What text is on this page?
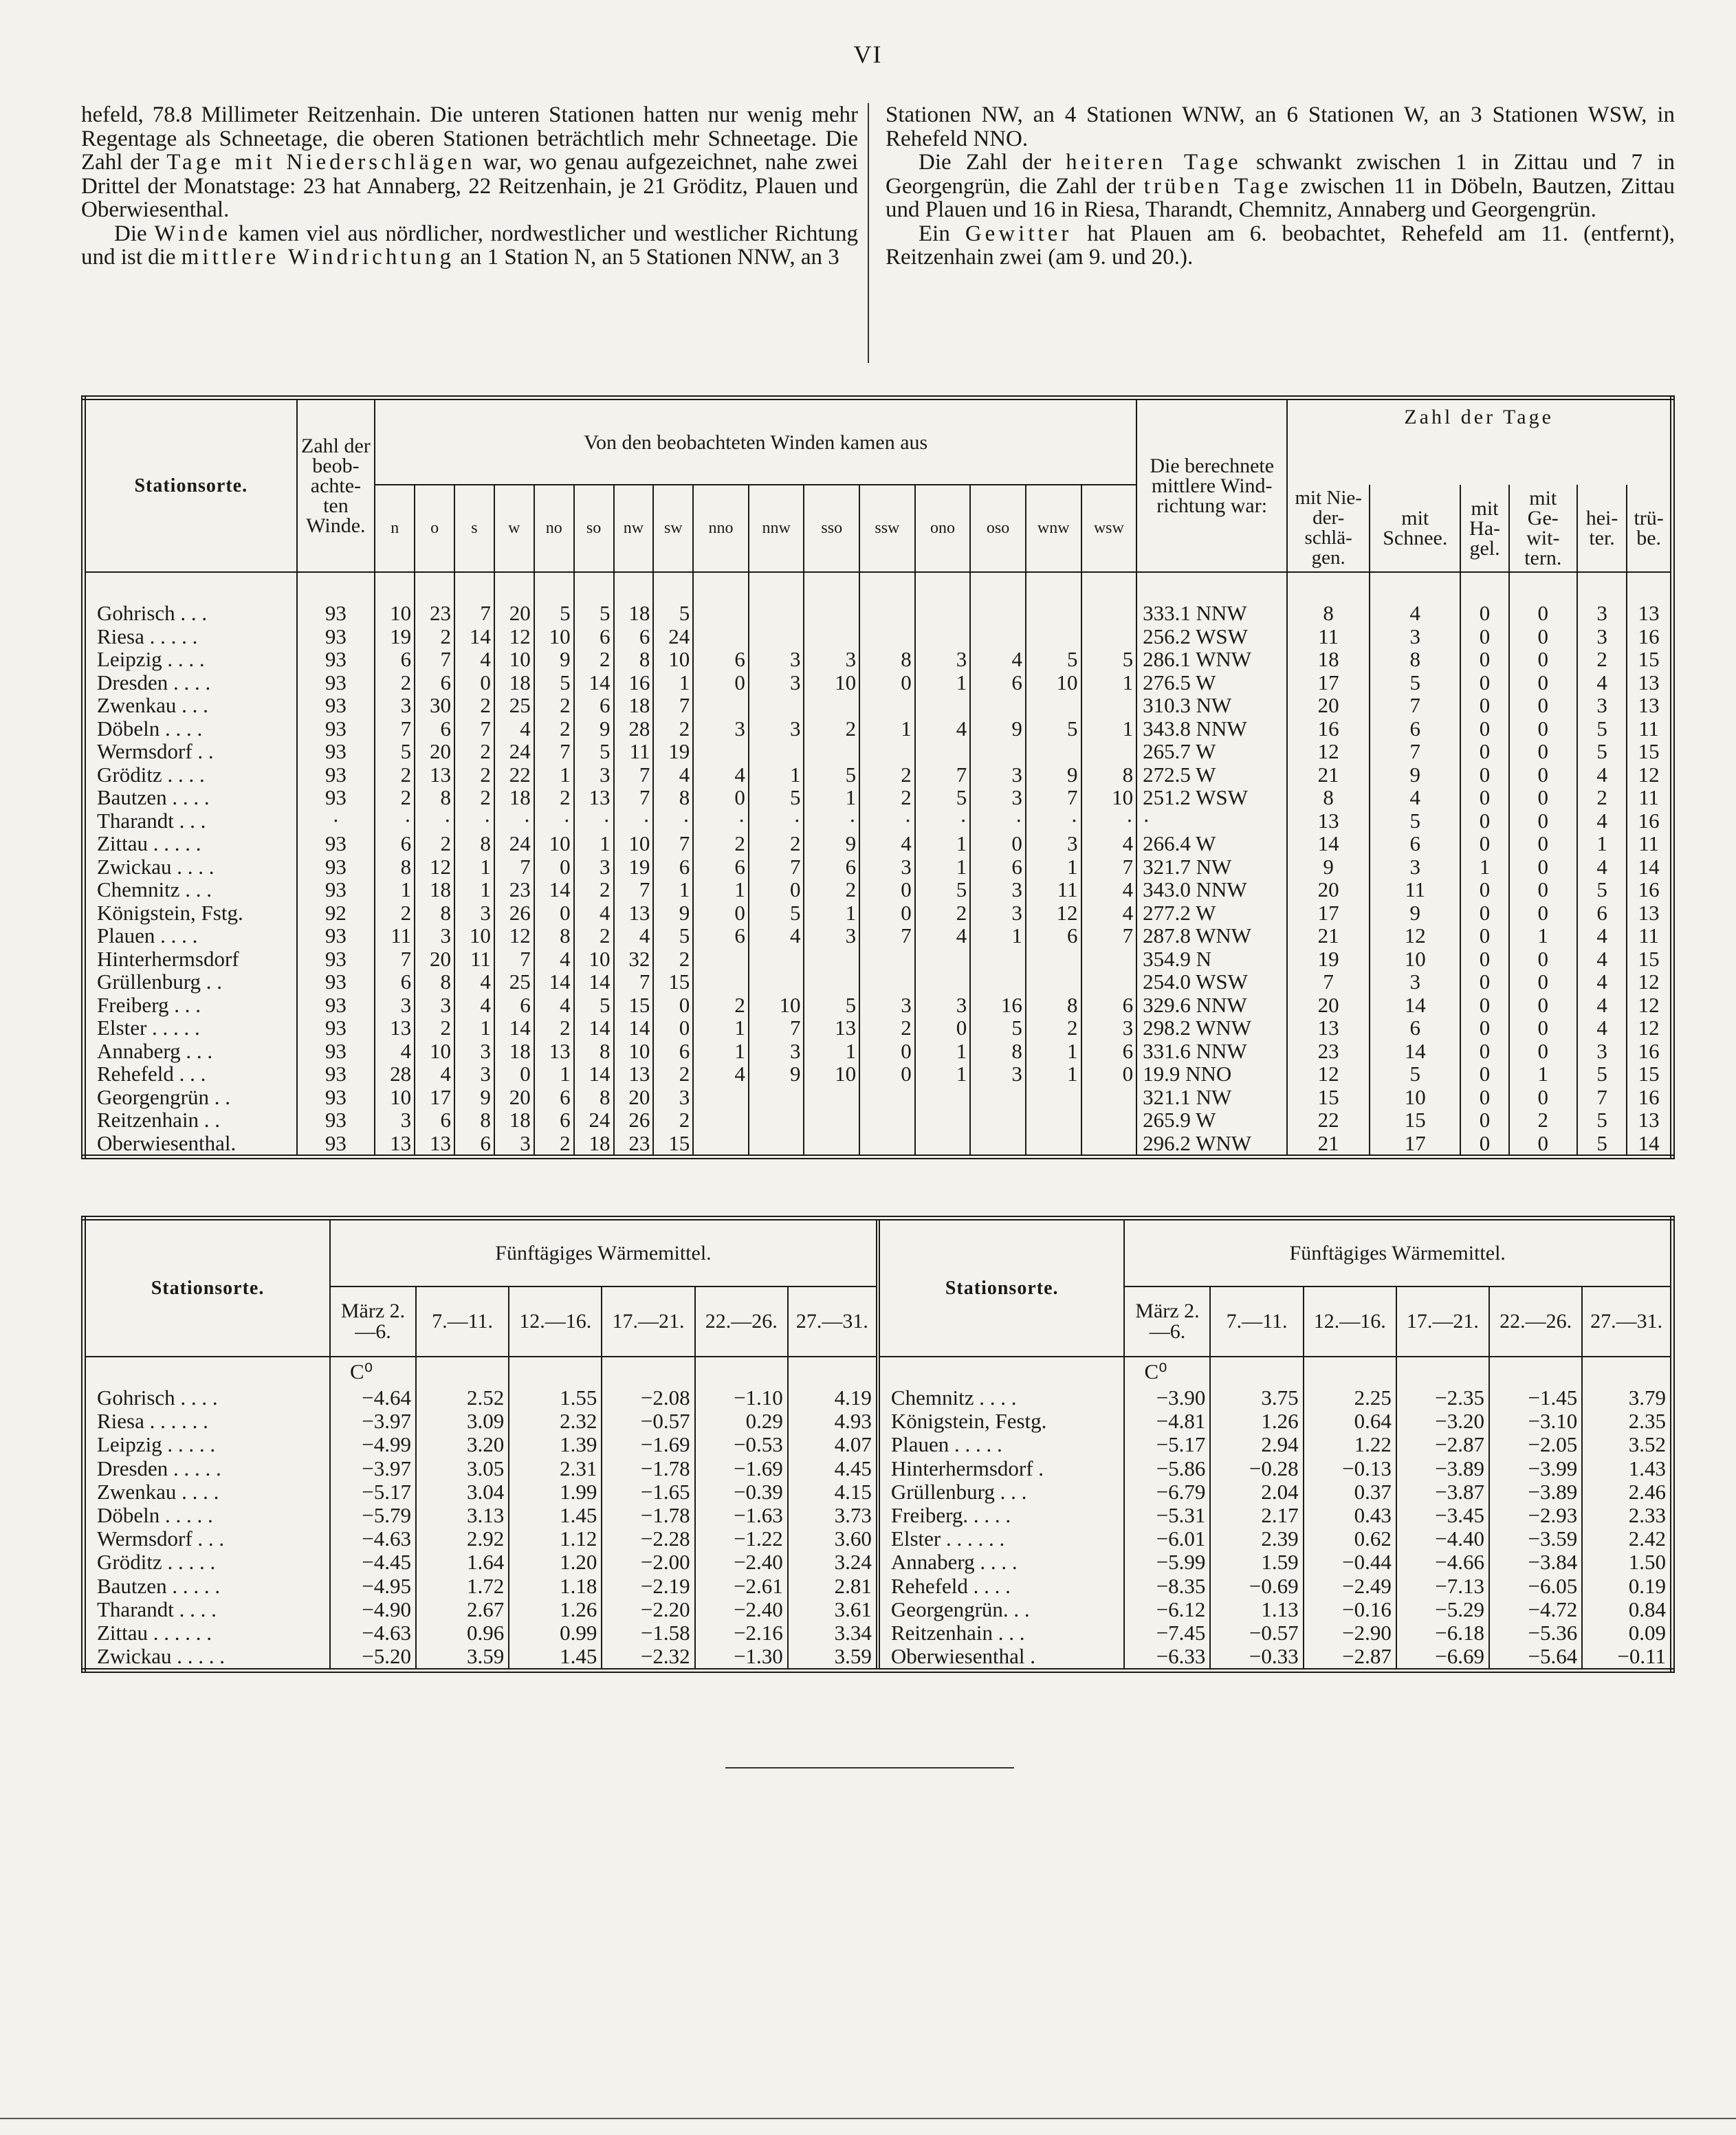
VI

hefeld, 78.8 Millimeter Reitzenhain. Die unteren Stationen hatten nur wenig mehr Regentage als Schneetage, die oberen Stationen beträchtlich mehr Schneetage. Die Zahl der Tage mit Niederschlägen war, wo genau aufgezeichnet, nahe zwei Drittel der Monatstage: 23 hat Annaberg, 22 Reitzenhain, je 21 Gröditz, Plauen und Oberwiesenthal.

Die Winde kamen viel aus nördlicher, nordwestlicher und westlicher Richtung und ist die mittlere Windrichtung an 1 Station N, an 5 Stationen NNW, an 3

Stationen NW, an 4 Stationen WNW, an 6 Stationen W, an 3 Stationen WSW, in Rehefeld NNO.

Die Zahl der heiteren Tage schwankt zwischen 1 in Zittau und 7 in Georgengrün, die Zahl der trüben Tage zwischen 11 in Döbeln, Bautzen, Zittau und Plauen und 16 in Riesa, Tharandt, Chemnitz, Annaberg und Georgengrün.

Ein Gewitter hat Plauen am 6. beobachtet, Rehefeld am 11. (entfernt), Reitzenhain zwei (am 9. und 20.).

Stationsorte.	Zahl der beob-achte-ten Winde.	Von den beobachteten Winden kamen aus																Die berechnete mittlere Wind-richtung war:	Zahl der Tage					
		n	o	s	w	no	so	nw	sw	nno	nnw	sso	ssw	ono	oso	wnw	wsw		mit Nie-der-schlä-gen.	mit Schnee.	mit Ha-gel.	mit Ge-wit-tern.	hei-ter.	trü-be.

Gohrisch . . .	93	10	23	7	20	5	5	18	5									333.1 NNW	8	4	0	0	3	13
Riesa . . . . .	93	19	2	14	12	10	6	6	24									256.2 WSW	11	3	0	0	3	16
Leipzig . . . .	93	6	7	4	10	9	2	8	10	6	3	3	8	3	4	5	5	286.1 WNW	18	8	0	0	2	15
Dresden . . . .	93	2	6	0	18	5	14	16	1	0	3	10	0	1	6	10	1	276.5 W	17	5	0	0	4	13
Zwenkau . . .	93	3	30	2	25	2	6	18	7									310.3 NW	20	7	0	0	3	13
Döbeln . . . .	93	7	6	7	4	2	9	28	2	3	3	2	1	4	9	5	1	343.8 NNW	16	6	0	0	5	11
Wermsdorf . .	93	5	20	2	24	7	5	11	19									265.7 W	12	7	0	0	5	15
Gröditz . . . .	93	2	13	2	22	1	3	7	4	4	1	5	2	7	3	9	8	272.5 W	21	9	0	0	4	12
Bautzen . . . .	93	2	8	2	18	2	13	7	8	0	5	1	2	5	3	7	10	251.2 WSW	8	4	0	0	2	11
Tharandt . . .	·	·	·	·	·	·	·	·	·	·	·	·	·	·	·	·	·	·	13	5	0	0	4	16
Zittau . . . . .	93	6	2	8	24	10	1	10	7	2	2	9	4	1	0	3	4	266.4 W	14	6	0	0	1	11
Zwickau . . . .	93	8	12	1	7	0	3	19	6	6	7	6	3	1	6	1	7	321.7 NW	9	3	1	0	4	14
Chemnitz . . .	93	1	18	1	23	14	2	7	1	1	0	2	0	5	3	11	4	343.0 NNW	20	11	0	0	5	16
Königstein, Fstg.	92	2	8	3	26	0	4	13	9	0	5	1	0	2	3	12	4	277.2 W	17	9	0	0	6	13
Plauen . . . .	93	11	3	10	12	8	2	4	5	6	4	3	7	4	1	6	7	287.8 WNW	21	12	0	1	4	11
Hinterhermsdorf	93	7	20	11	7	4	10	32	2									354.9 N	19	10	0	0	4	15
Grüllenburg . .	93	6	8	4	25	14	14	7	15									254.0 WSW	7	3	0	0	4	12
Freiberg . . .	93	3	3	4	6	4	5	15	0	2	10	5	3	3	16	8	6	329.6 NNW	20	14	0	0	4	12
Elster . . . . .	93	13	2	1	14	2	14	14	0	1	7	13	2	0	5	2	3	298.2 WNW	13	6	0	0	4	12
Annaberg . . .	93	4	10	3	18	13	8	10	6	1	3	1	0	1	8	1	6	331.6 NNW	23	14	0	0	3	16
Rehefeld . . .	93	28	4	3	0	1	14	13	2	4	9	10	0	1	3	1	0	19.9 NNO	12	5	0	1	5	15
Georgengrün . .	93	10	17	9	20	6	8	20	3									321.1 NW	15	10	0	0	7	16
Reitzenhain . .	93	3	6	8	18	6	24	26	2									265.9 W	22	15	0	2	5	13
Oberwiesenthal.	93	13	13	6	3	2	18	23	15									296.2 WNW	21	17	0	0	5	14
Stationsorte.	Fünftägiges Wärmemittel.						Stationsorte.	Fünftägiges Wärmemittel.					
	März 2.—6.	7.—11.	12.—16.	17.—21.	22.—26.	27.—31.		März 2.—6.	7.—11.	12.—16.	17.—21.	22.—26.	27.—31.
	C⁰							C⁰					
Gohrisch . . . .	−4.64	2.52	1.55	−2.08	−1.10	4.19	Chemnitz . . . .	−3.90	3.75	2.25	−2.35	−1.45	3.79
Riesa . . . . . .	−3.97	3.09	2.32	−0.57	0.29	4.93	Königstein, Festg.	−4.81	1.26	0.64	−3.20	−3.10	2.35
Leipzig . . . . .	−4.99	3.20	1.39	−1.69	−0.53	4.07	Plauen . . . . .	−5.17	2.94	1.22	−2.87	−2.05	3.52
Dresden . . . . .	−3.97	3.05	2.31	−1.78	−1.69	4.45	Hinterhermsdorf .	−5.86	−0.28	−0.13	−3.89	−3.99	1.43
Zwenkau . . . .	−5.17	3.04	1.99	−1.65	−0.39	4.15	Grüllenburg . . .	−6.79	2.04	0.37	−3.87	−3.89	2.46
Döbeln . . . . .	−5.79	3.13	1.45	−1.78	−1.63	3.73	Freiberg. . . . .	−5.31	2.17	0.43	−3.45	−2.93	2.33
Wermsdorf . . .	−4.63	2.92	1.12	−2.28	−1.22	3.60	Elster . . . . . .	−6.01	2.39	0.62	−4.40	−3.59	2.42
Gröditz . . . . .	−4.45	1.64	1.20	−2.00	−2.40	3.24	Annaberg . . . .	−5.99	1.59	−0.44	−4.66	−3.84	1.50
Bautzen . . . . .	−4.95	1.72	1.18	−2.19	−2.61	2.81	Rehefeld . . . .	−8.35	−0.69	−2.49	−7.13	−6.05	0.19
Tharandt . . . .	−4.90	2.67	1.26	−2.20	−2.40	3.61	Georgengrün. . .	−6.12	1.13	−0.16	−5.29	−4.72	0.84
Zittau . . . . . .	−4.63	0.96	0.99	−1.58	−2.16	3.34	Reitzenhain . . .	−7.45	−0.57	−2.90	−6.18	−5.36	0.09
Zwickau . . . . .	−5.20	3.59	1.45	−2.32	−1.30	3.59	Oberwiesenthal .	−6.33	−0.33	−2.87	−6.69	−5.64	−0.11
